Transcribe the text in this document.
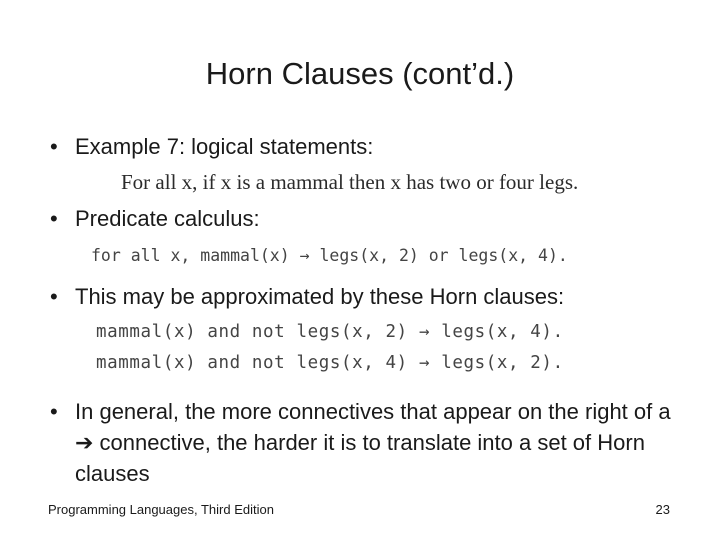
Horn Clauses (cont’d.)
• Example 7: logical statements:
For all x, if x is a mammal then x has two or four legs.
• Predicate calculus:
for all x, mammal(x) → legs(x, 2) or legs(x, 4).
• This may be approximated by these Horn clauses:
mammal(x) and not legs(x, 2) → legs(x, 4).
mammal(x) and not legs(x, 4) → legs(x, 2).
• In general, the more connectives that appear on the right of a ➔ connective, the harder it is to translate into a set of Horn clauses
Programming Languages, Third Edition	23
